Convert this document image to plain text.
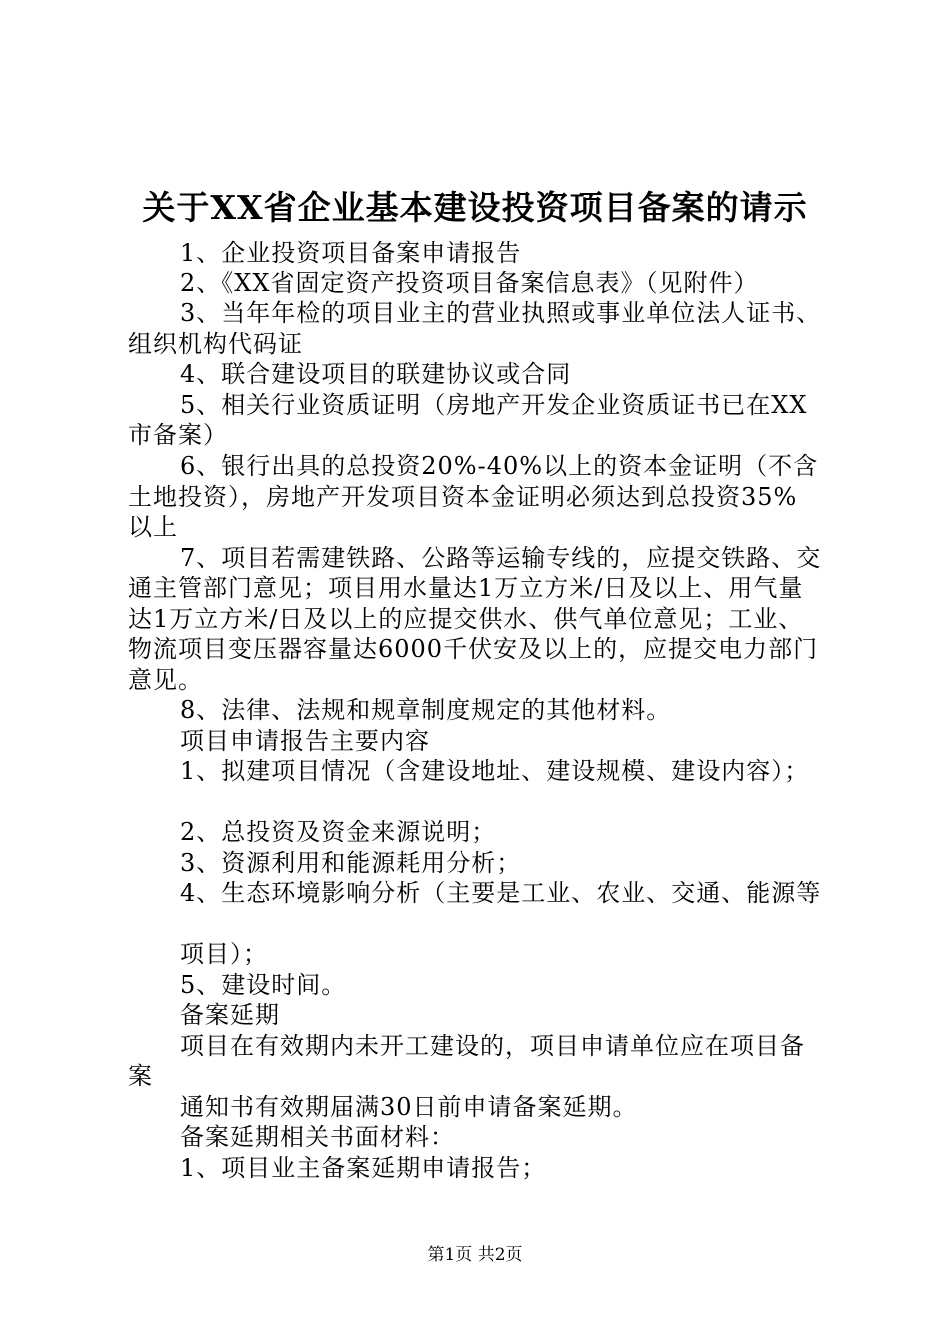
关于XX省企业基本建设投资项目备案的请示
1、企业投资项目备案申请报告
2、《XX省固定资产投资项目备案信息表》（见附件）
3、当年年检的项目业主的营业执照或事业单位法人证书、
组织机构代码证
4、联合建设项目的联建协议或合同
5、相关行业资质证明（房地产开发企业资质证书已在XX
市备案）
6、银行出具的总投资20%-40%以上的资本金证明（不含
土地投资），房地产开发项目资本金证明必须达到总投资35%
以上
7、项目若需建铁路、公路等运输专线的，应提交铁路、交
通主管部门意见；项目用水量达1万立方米/日及以上、用气量
达1万立方米/日及以上的应提交供水、供气单位意见；工业、
物流项目变压器容量达6000千伏安及以上的，应提交电力部门
意见。
8、法律、法规和规章制度规定的其他材料。
项目申请报告主要内容
1、拟建项目情况（含建设地址、建设规模、建设内容）；
2、总投资及资金来源说明；
3、资源利用和能源耗用分析；
4、生态环境影响分析（主要是工业、农业、交通、能源等
项目）；
5、建设时间。
备案延期
项目在有效期内未开工建设的，项目申请单位应在项目备
案
通知书有效期届满30日前申请备案延期。
备案延期相关书面材料：
1、项目业主备案延期申请报告；
第1页 共2页
